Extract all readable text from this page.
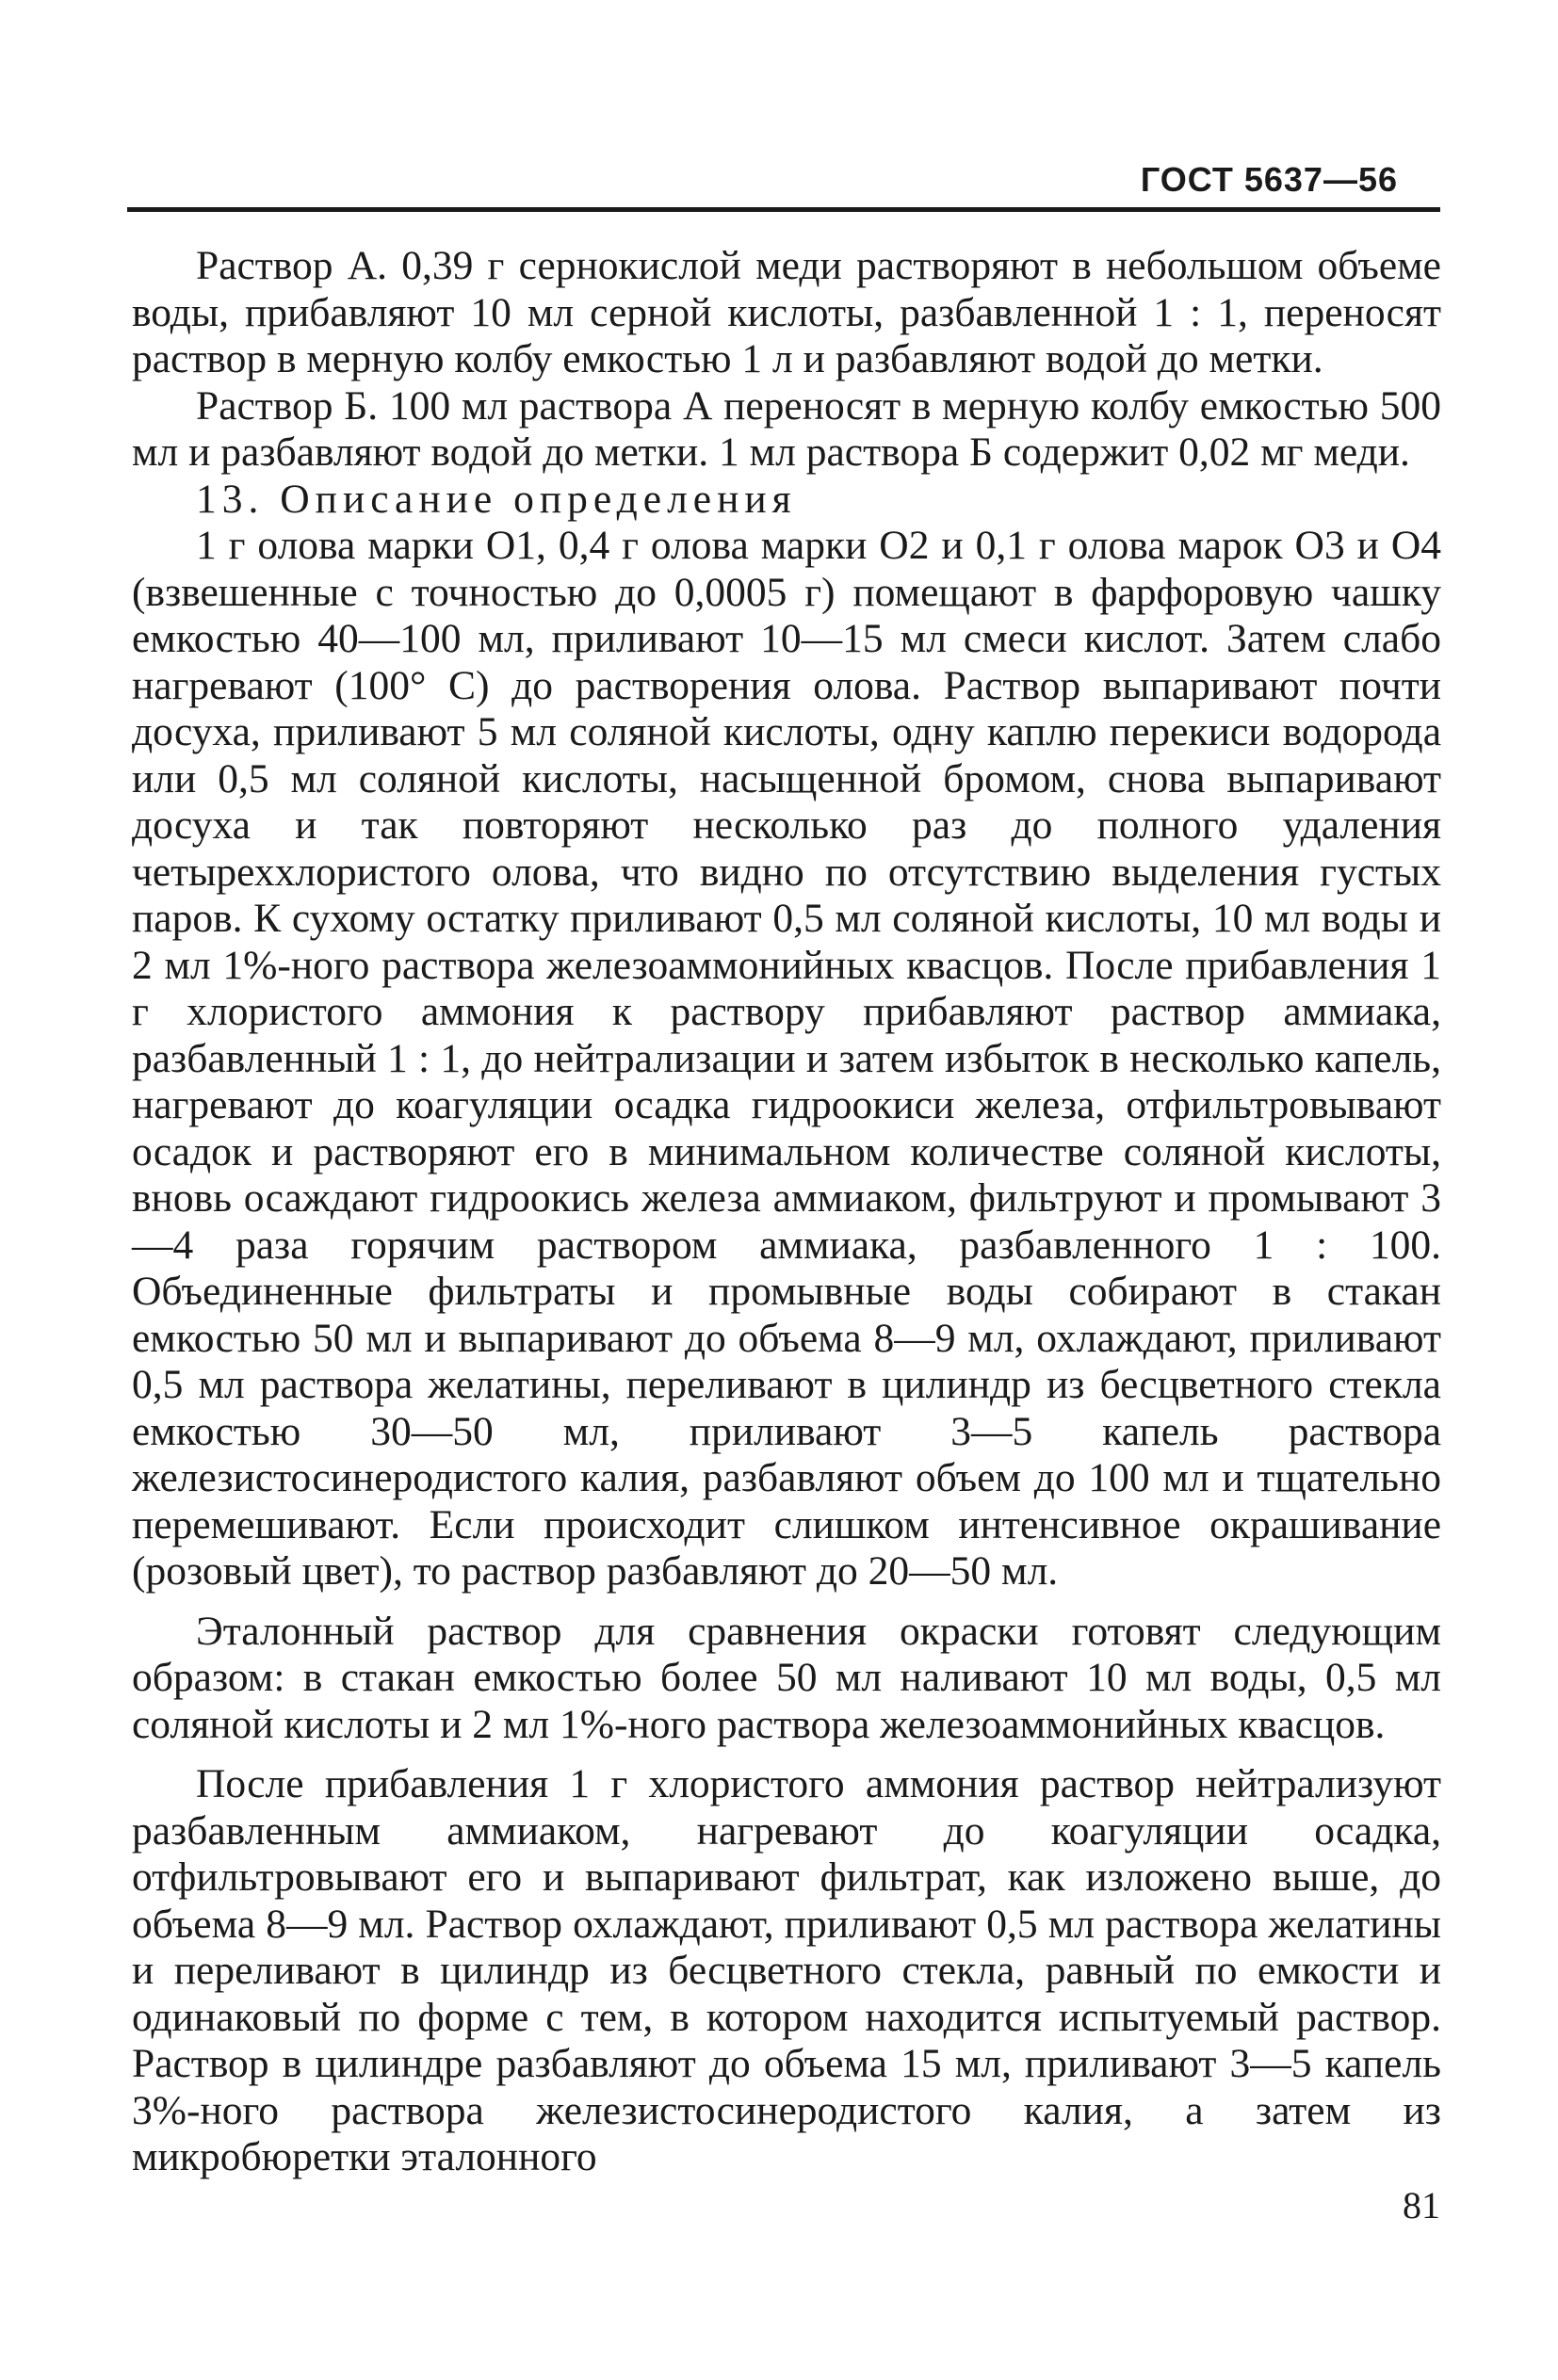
ГОСТ 5637—56

Раствор А. 0,39 г сернокислой меди растворяют в небольшом объеме воды, прибавляют 10 мл серной кислоты, разбавленной 1 : 1, переносят раствор в мерную колбу емкостью 1 л и разбавляют водой до метки.

Раствор Б. 100 мл раствора А переносят в мерную колбу емкостью 500 мл и разбавляют водой до метки. 1 мл раствора Б содержит 0,02 мг меди.

13. Описание определения

1 г олова марки О1, 0,4 г олова марки О2 и 0,1 г олова марок О3 и О4 (взвешенные с точностью до 0,0005 г) помещают в фарфоровую чашку емкостью 40—100 мл, приливают 10—15 мл смеси кислот. Затем слабо нагревают (100° С) до растворения олова. Раствор выпаривают почти досуха, приливают 5 мл соляной кислоты, одну каплю перекиси водорода или 0,5 мл соляной кислоты, насыщенной бромом, снова выпаривают досуха и так повторяют несколько раз до полного удаления четыреххлористого олова, что видно по отсутствию выделения густых паров. К сухому остатку приливают 0,5 мл соляной кислоты, 10 мл воды и 2 мл 1%-ного раствора железоаммонийных квасцов. После прибавления 1 г хлористого аммония к раствору прибавляют раствор аммиака, разбавленный 1 : 1, до нейтрализации и затем избыток в несколько капель, нагревают до коагуляции осадка гидроокиси железа, отфильтровывают осадок и растворяют его в минимальном количестве соляной кислоты, вновь осаждают гидроокись железа аммиаком, фильтруют и промывают 3—4 раза горячим раствором аммиака, разбавленного 1 : 100. Объединенные фильтраты и промывные воды собирают в стакан емкостью 50 мл и выпаривают до объема 8—9 мл, охлаждают, приливают 0,5 мл раствора желатины, переливают в цилиндр из бесцветного стекла емкостью 30—50 мл, приливают 3—5 капель раствора железистосинеродистого калия, разбавляют объем до 100 мл и тщательно перемешивают. Если происходит слишком интенсивное окрашивание (розовый цвет), то раствор разбавляют до 20—50 мл.

Эталонный раствор для сравнения окраски готовят следующим образом: в стакан емкостью более 50 мл наливают 10 мл воды, 0,5 мл соляной кислоты и 2 мл 1%-ного раствора железоаммонийных квасцов.

После прибавления 1 г хлористого аммония раствор нейтрализуют разбавленным аммиаком, нагревают до коагуляции осадка, отфильтровывают его и выпаривают фильтрат, как изложено выше, до объема 8—9 мл. Раствор охлаждают, приливают 0,5 мл раствора желатины и переливают в цилиндр из бесцветного стекла, равный по емкости и одинаковый по форме с тем, в котором находится испытуемый раствор. Раствор в цилиндре разбавляют до объема 15 мл, приливают 3—5 капель 3%-ного раствора железистосинеродистого калия, а затем из микробюретки эталонного

81
